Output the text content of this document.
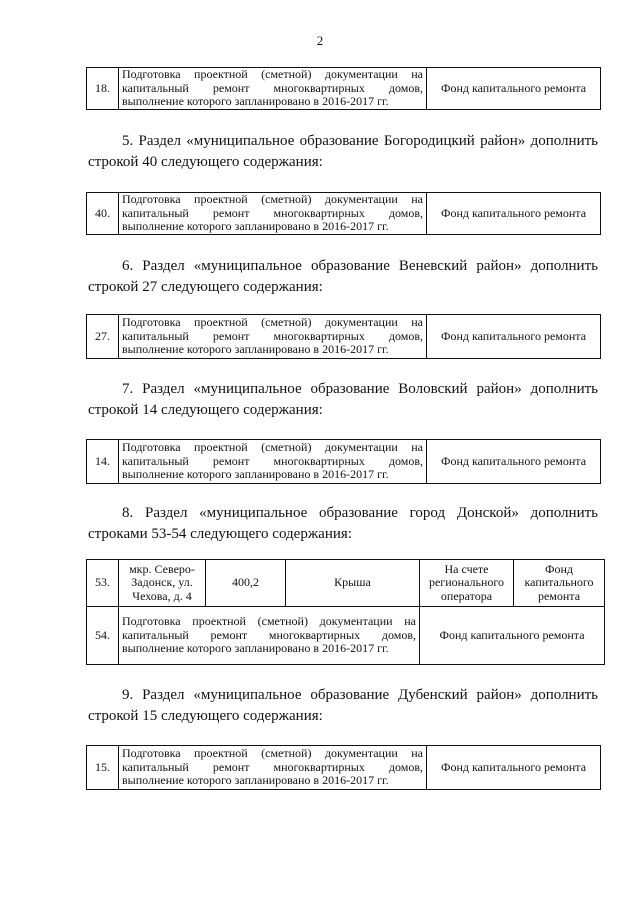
2
18.	Подготовка проектной (сметной) документации на капитальный ремонт многоквартирных домов, выполнение которого запланировано в 2016-2017 гг.	Фонд капитального ремонта
5. Раздел «муниципальное образование Богородицкий район» дополнить строкой 40 следующего содержания:
40.	Подготовка проектной (сметной) документации на капитальный ремонт многоквартирных домов, выполнение которого запланировано в 2016-2017 гг.	Фонд капитального ремонта
6. Раздел «муниципальное образование Веневский район» дополнить строкой 27 следующего содержания:
27.	Подготовка проектной (сметной) документации на капитальный ремонт многоквартирных домов, выполнение которого запланировано в 2016-2017 гг.	Фонд капитального ремонта
7. Раздел «муниципальное образование Воловский район» дополнить строкой 14 следующего содержания:
14.	Подготовка проектной (сметной) документации на капитальный ремонт многоквартирных домов, выполнение которого запланировано в 2016-2017 гг.	Фонд капитального ремонта
8. Раздел «муниципальное образование город Донской» дополнить строками 53-54 следующего содержания:
53.	мкр. Северо-Задонск, ул. Чехова, д. 4	400,2	Крыша	На счете регионального оператора	Фонд капитального ремонта
54.	Подготовка проектной (сметной) документации на капитальный ремонт многоквартирных домов, выполнение которого запланировано в 2016-2017 гг.			Фонд капитального ремонта	
9. Раздел «муниципальное образование Дубенский район» дополнить строкой 15 следующего содержания:
15.	Подготовка проектной (сметной) документации на капитальный ремонт многоквартирных домов, выполнение которого запланировано в 2016-2017 гг.	Фонд капитального ремонта
